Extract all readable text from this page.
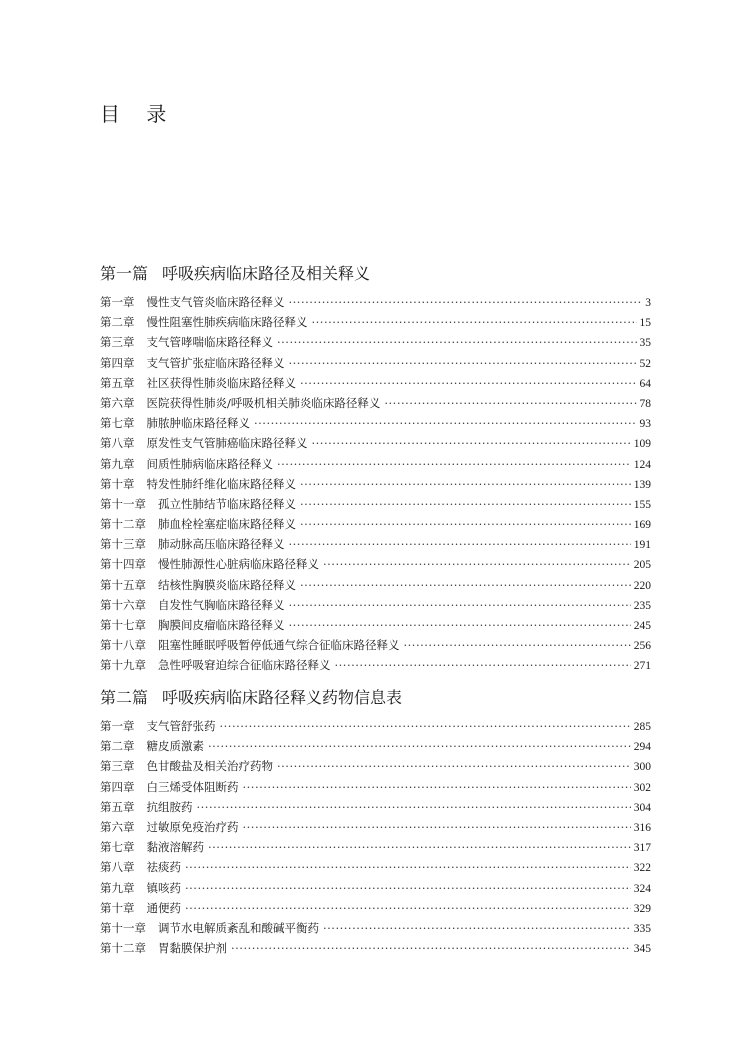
目 录
第一篇 呼吸疾病临床路径及相关释义
第一章 慢性支气管炎临床路径释义 ·····	3
第二章 慢性阻塞性肺疾病临床路径释义 ·····	15
第三章 支气管哮喘临床路径释义 ·····	35
第四章 支气管扩张症临床路径释义 ·····	52
第五章 社区获得性肺炎临床路径释义 ·····	64
第六章 医院获得性肺炎/呼吸机相关肺炎临床路径释义 ·····	78
第七章 肺脓肿临床路径释义 ·····	93
第八章 原发性支气管肺癌临床路径释义 ·····	109
第九章 间质性肺病临床路径释义 ·····	124
第十章 特发性肺纤维化临床路径释义 ·····	139
第十一章 孤立性肺结节临床路径释义 ·····	155
第十二章 肺血栓栓塞症临床路径释义 ·····	169
第十三章 肺动脉高压临床路径释义 ·····	191
第十四章 慢性肺源性心脏病临床路径释义 ·····	205
第十五章 结核性胸膜炎临床路径释义 ·····	220
第十六章 自发性气胸临床路径释义 ·····	235
第十七章 胸膜间皮瘤临床路径释义 ·····	245
第十八章 阻塞性睡眠呼吸暂停低通气综合征临床路径释义 ·····	256
第十九章 急性呼吸窘迫综合征临床路径释义 ·····	271
第二篇 呼吸疾病临床路径释义药物信息表
第一章 支气管舒张药 ·····	285
第二章 糖皮质激素 ·····	294
第三章 色甘酸盐及相关治疗药物 ·····	300
第四章 白三烯受体阻断药 ·····	302
第五章 抗组胺药 ·····	304
第六章 过敏原免疫治疗药 ·····	316
第七章 黏液溶解药 ·····	317
第八章 祛痰药 ·····	322
第九章 镇咳药 ·····	324
第十章 通便药 ·····	329
第十一章 调节水电解质紊乱和酸碱平衡药 ·····	335
第十二章 胃黏膜保护剂 ·····	345
